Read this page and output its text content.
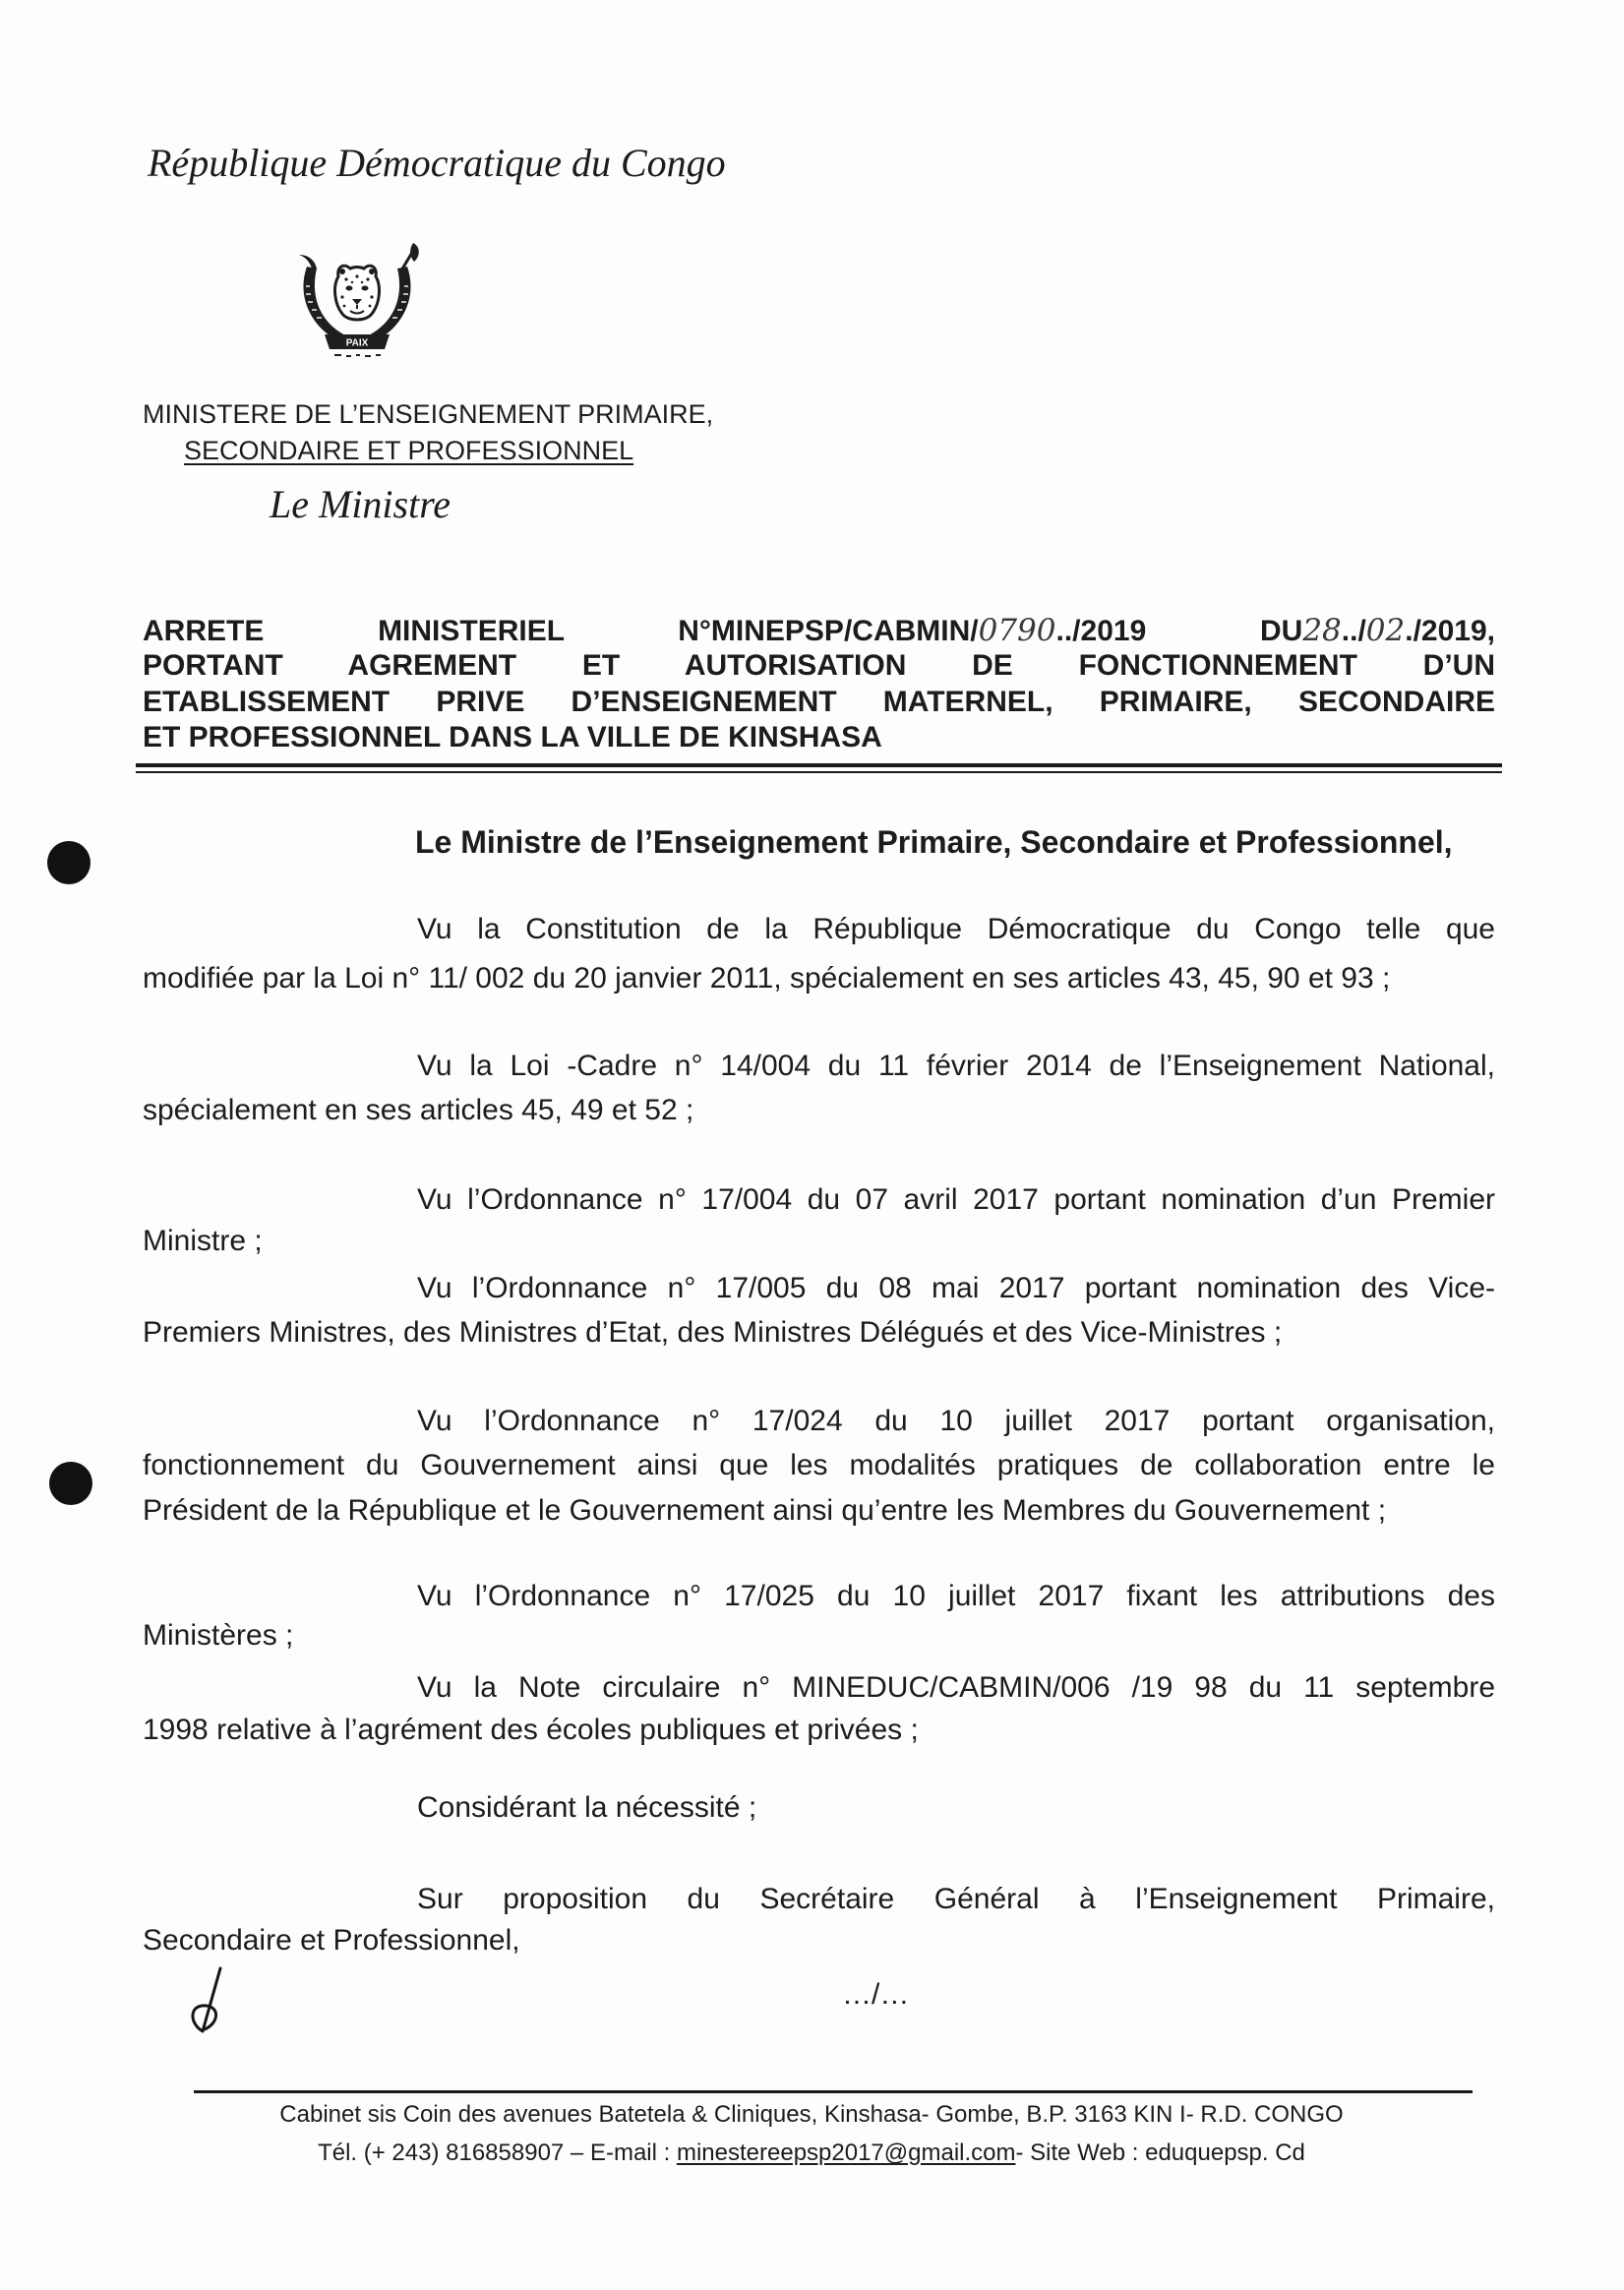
République Démocratique du Congo
PAIX
MINISTERE DE L’ENSEIGNEMENT PRIMAIRE,
SECONDAIRE ET PROFESSIONNEL
Le Ministre
ARRETE	MINISTERIEL	N°MINEPSP/CABMIN/0790../2019	DU28../02./2019,
PORTANT AGREMENT ET AUTORISATION DE FONCTIONNEMENT D’UN
ETABLISSEMENT PRIVE D’ENSEIGNEMENT MATERNEL, PRIMAIRE, SECONDAIRE
ET PROFESSIONNEL DANS LA VILLE DE KINSHASA
Le Ministre de l’Enseignement Primaire, Secondaire et Professionnel,
Vu la Constitution de la République Démocratique du Congo telle que
modifiée par la Loi n° 11/ 002 du 20 janvier 2011, spécialement en ses articles 43, 45, 90 et 93 ;
Vu la Loi -Cadre n° 14/004 du 11 février 2014 de l’Enseignement National,
spécialement en ses articles 45, 49 et 52 ;
Vu l’Ordonnance n° 17/004 du 07 avril 2017 portant nomination d’un Premier
Ministre ;
Vu l’Ordonnance n° 17/005 du 08 mai 2017 portant nomination des Vice-
Premiers Ministres, des Ministres d’Etat, des Ministres Délégués et des Vice-Ministres ;
Vu l’Ordonnance n° 17/024 du 10 juillet 2017 portant organisation,
fonctionnement du Gouvernement ainsi que les modalités pratiques de collaboration entre le
Président de la République et le Gouvernement ainsi qu’entre les Membres du Gouvernement ;
Vu l’Ordonnance n° 17/025 du 10 juillet 2017 fixant les attributions des
Ministères ;
Vu la Note circulaire n° MINEDUC/CABMIN/006 /19 98 du 11 septembre
1998 relative à l’agrément des écoles publiques et privées ;
Considérant la nécessité ;
Sur proposition du Secrétaire Général à l’Enseignement Primaire,
Secondaire et Professionnel,
…/…
Cabinet sis Coin des avenues Batetela & Cliniques, Kinshasa- Gombe, B.P. 3163 KIN I- R.D. CONGO
Tél. (+ 243) 816858907 – E-mail : minestereepsp2017@gmail.com- Site Web : eduquepsp. Cd
